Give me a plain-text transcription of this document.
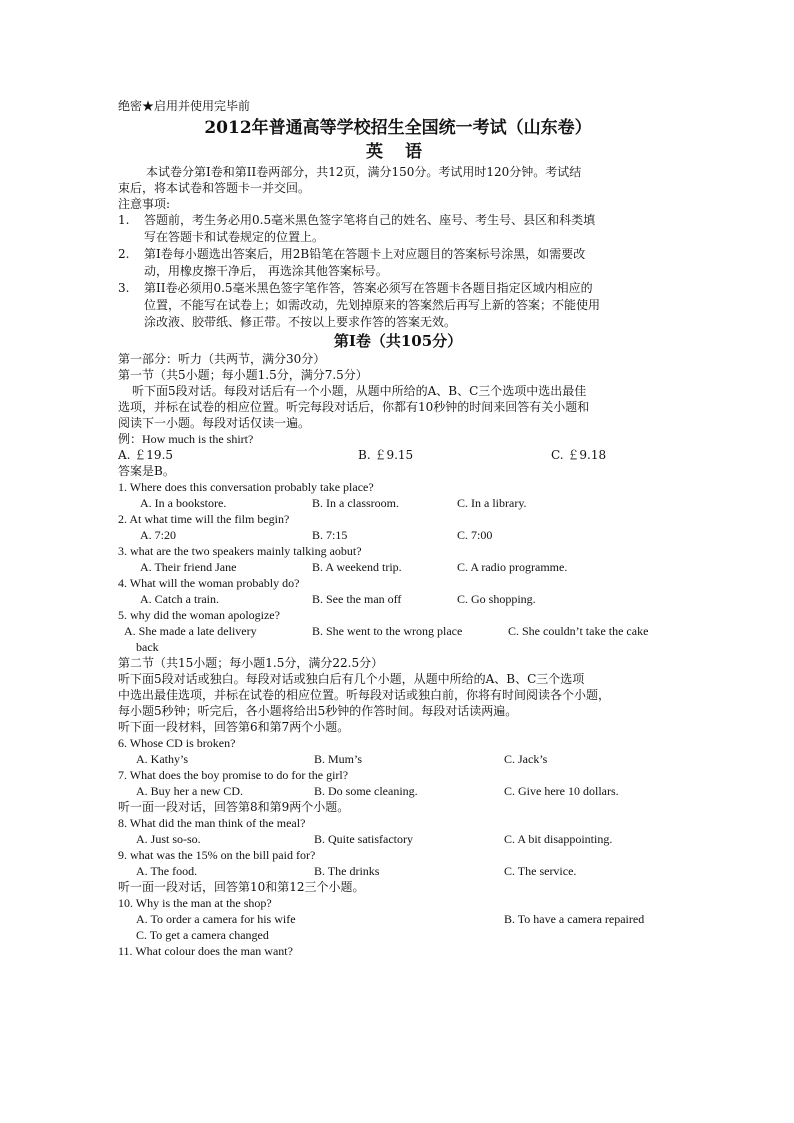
绝密★启用并使用完毕前
2012年普通高等学校招生全国统一考试（山东卷）
英 语
本试卷分第I卷和第II卷两部分，共12页，满分150分。考试用时120分钟。考试结
束后，将本试卷和答题卡一并交回。
注意事项:
1.	答题前，考生务必用0.5毫米黑色签字笔将自己的姓名、座号、考生号、县区和科类填
写在答题卡和试卷规定的位置上。
2.	第I卷每小题选出答案后，用2B铅笔在答题卡上对应题目的答案标号涂黑，如需要改
动，用橡皮擦干净后， 再选涂其他答案标号。
3.	第II卷必须用0.5毫米黑色签字笔作答，答案必须写在答题卡各题目指定区域内相应的
位置，不能写在试卷上；如需改动，先划掉原来的答案然后再写上新的答案；不能使用
涂改液、胶带纸、修正带。不按以上要求作答的答案无效。
第I卷（共105分）
第一部分：听力（共两节，满分30分）
第一节（共5小题；每小题1.5分，满分7.5分）
听下面5段对话。每段对话后有一个小题，从题中所给的A、B、C三个选项中选出最佳
选项，并标在试卷的相应位置。听完每段对话后，你都有10秒钟的时间来回答有关小题和
阅读下一小题。每段对话仅读一遍。
例：How much is the shirt?
A. ￡19.5	B. ￡9.15	C. ￡9.18
答案是B。
1. Where does this conversation probably take place?
A. In a bookstore.	B. In a classroom.	C. In a library.
2. At what time will the film begin?
A. 7:20	B. 7:15	C. 7:00
3. what are the two speakers mainly talking aobut?
A. Their friend Jane	B. A weekend trip.	C. A radio programme.
4. What will the woman probably do?
A. Catch a train.	B. See the man off	C. Go shopping.
5. why did the woman apologize?
A. She made a late delivery	B. She went to the wrong place	C. She couldn’t take the cake
back
第二节（共15小题；每小题1.5分，满分22.5分）
听下面5段对话或独白。每段对话或独白后有几个小题，从题中所给的A、B、C三个选项
中选出最佳选项，并标在试卷的相应位置。听每段对话或独白前，你将有时间阅读各个小题，
每小题5秒钟；听完后，各小题将给出5秒钟的作答时间。每段对话读两遍。
听下面一段材料，回答第6和第7两个小题。
6. Whose CD is broken?
A. Kathy’s	B. Mum’s	C. Jack’s
7. What does the boy promise to do for the girl?
A. Buy her a new CD.	B. Do some cleaning.	C. Give here 10 dollars.
听一面一段对话，回答第8和第9两个小题。
8. What did the man think of the meal?
A. Just so-so.	B. Quite satisfactory	C. A bit disappointing.
9. what was the 15% on the bill paid for?
A. The food.	B. The drinks	C. The service.
听一面一段对话，回答第10和第12三个小题。
10. Why is the man at the shop?
A. To order a camera for his wife	B. To have a camera repaired
C. To get a camera changed
11. What colour does the man want?
